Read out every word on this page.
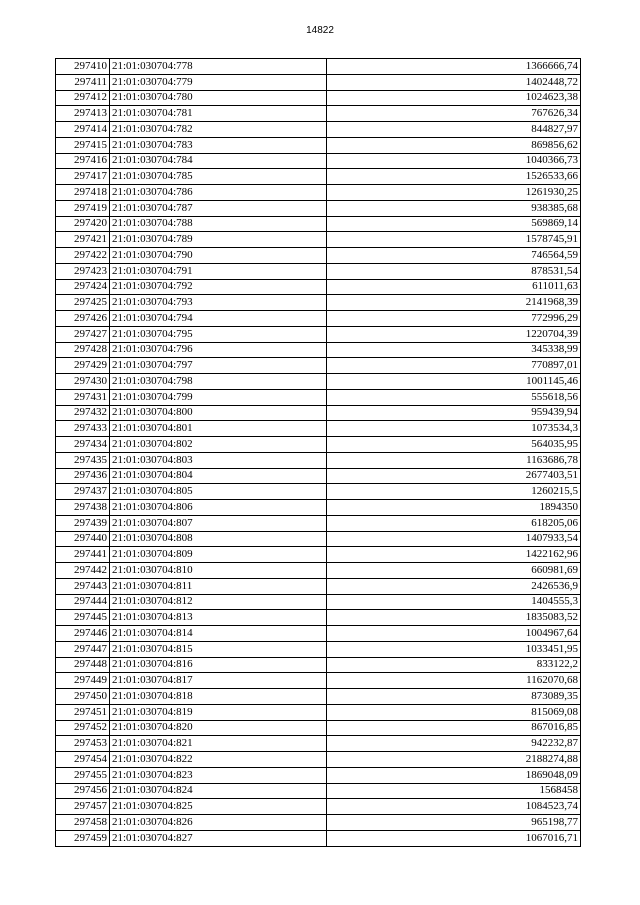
14822
297410	21:01:030704:778	1366666,74
297411	21:01:030704:779	1402448,72
297412	21:01:030704:780	1024623,38
297413	21:01:030704:781	767626,34
297414	21:01:030704:782	844827,97
297415	21:01:030704:783	869856,62
297416	21:01:030704:784	1040366,73
297417	21:01:030704:785	1526533,66
297418	21:01:030704:786	1261930,25
297419	21:01:030704:787	938385,68
297420	21:01:030704:788	569869,14
297421	21:01:030704:789	1578745,91
297422	21:01:030704:790	746564,59
297423	21:01:030704:791	878531,54
297424	21:01:030704:792	611011,63
297425	21:01:030704:793	2141968,39
297426	21:01:030704:794	772996,29
297427	21:01:030704:795	1220704,39
297428	21:01:030704:796	345338,99
297429	21:01:030704:797	770897,01
297430	21:01:030704:798	1001145,46
297431	21:01:030704:799	555618,56
297432	21:01:030704:800	959439,94
297433	21:01:030704:801	1073534,3
297434	21:01:030704:802	564035,95
297435	21:01:030704:803	1163686,78
297436	21:01:030704:804	2677403,51
297437	21:01:030704:805	1260215,5
297438	21:01:030704:806	1894350
297439	21:01:030704:807	618205,06
297440	21:01:030704:808	1407933,54
297441	21:01:030704:809	1422162,96
297442	21:01:030704:810	660981,69
297443	21:01:030704:811	2426536,9
297444	21:01:030704:812	1404555,3
297445	21:01:030704:813	1835083,52
297446	21:01:030704:814	1004967,64
297447	21:01:030704:815	1033451,95
297448	21:01:030704:816	833122,2
297449	21:01:030704:817	1162070,68
297450	21:01:030704:818	873089,35
297451	21:01:030704:819	815069,08
297452	21:01:030704:820	867016,85
297453	21:01:030704:821	942232,87
297454	21:01:030704:822	2188274,88
297455	21:01:030704:823	1869048,09
297456	21:01:030704:824	1568458
297457	21:01:030704:825	1084523,74
297458	21:01:030704:826	965198,77
297459	21:01:030704:827	1067016,71
